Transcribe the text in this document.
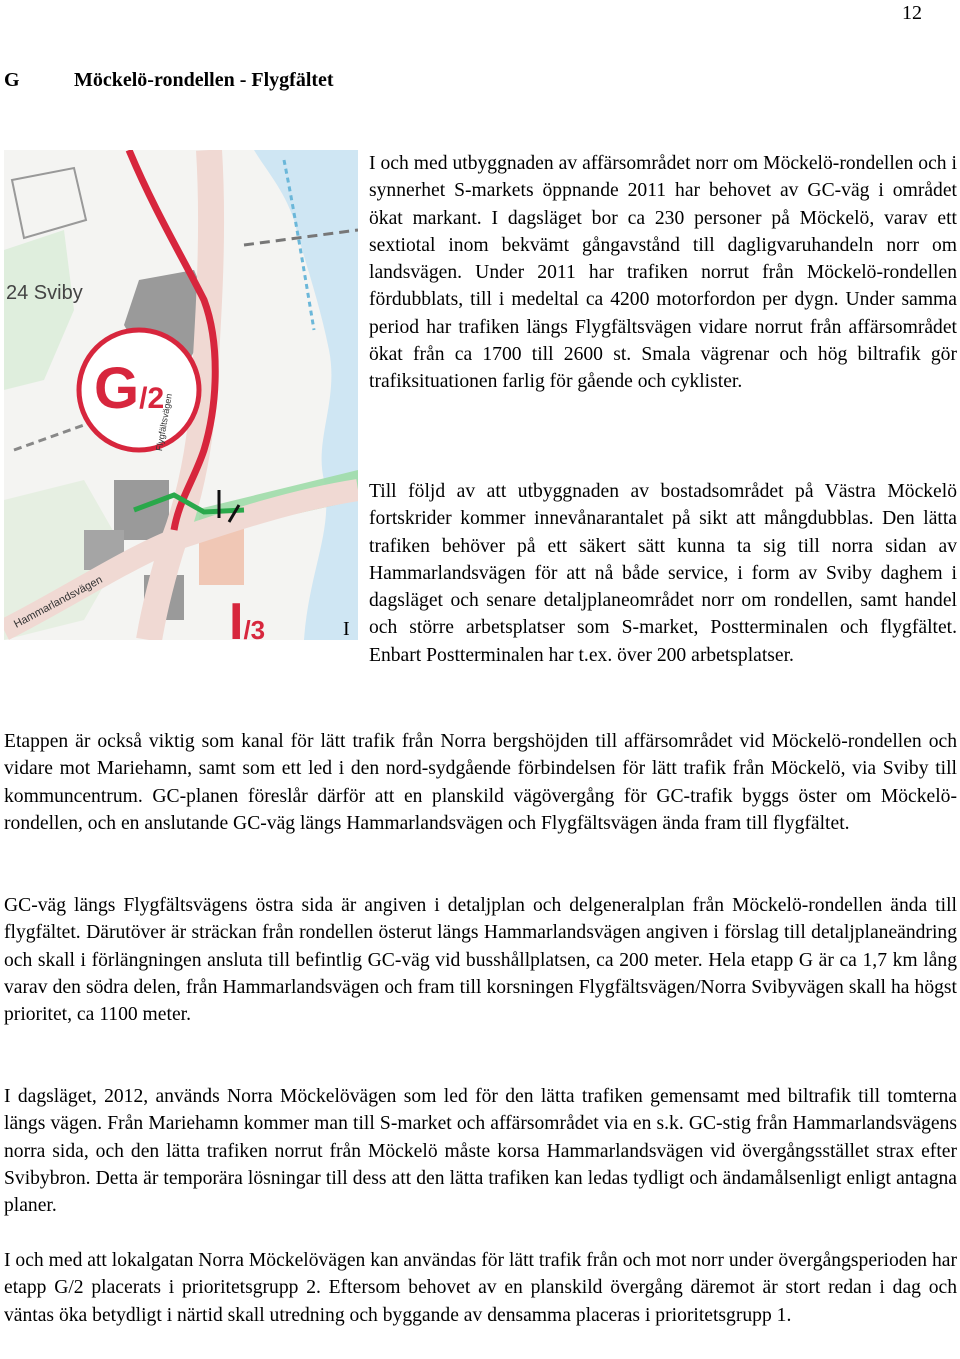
12
G	Möckelö-rondellen - Flygfältet
24 Sviby
G/2
Flygfältsvägen
Hammarlandsvägen I/3	I

I och med utbyggnaden av affärsområdet norr om Möckelö-rondellen och i synnerhet S-markets öppnande 2011 har behovet av GC-väg i området ökat markant. I dagsläget bor ca 230 personer på Möckelö, varav ett sextiotal inom bekvämt gångavstånd till dagligvaruhandeln norr om landsvägen. Under 2011 har trafiken norrut från Möckelö-rondellen fördubblats, till i medeltal ca 4200 motorfordon per dygn. Under samma period har trafiken längs Flygfältsvägen vidare norrut från affärsområdet ökat från ca 1700 till 2600 st. Smala vägrenar och hög biltrafik gör trafiksituationen farlig för gående och cyklister.

Till följd av att utbyggnaden av bostadsområdet på Västra Möckelö fortskrider kommer innevånarantalet på sikt att mångdubblas. Den lätta trafiken behöver på ett säkert sätt kunna ta sig till norra sidan av Hammarlandsvägen för att nå både service, i form av Sviby daghem i dagsläget och senare detaljplaneområdet norr om rondellen, samt handel och större arbetsplatser som S-market, Postterminalen och flygfältet. Enbart Postterminalen har t.ex. över 200 arbetsplatser.

Etappen är också viktig som kanal för lätt trafik från Norra bergshöjden till affärsområdet vid Möckelö-rondellen och vidare mot Mariehamn, samt som ett led i den nord-sydgående förbindelsen för lätt trafik från Möckelö, via Sviby till kommuncentrum. GC-planen föreslår därför att en planskild vägövergång för GC-trafik byggs öster om Möckelö-rondellen, och en anslutande GC-väg längs Hammarlandsvägen och Flygfältsvägen ända fram till flygfältet.

GC-väg längs Flygfältsvägens östra sida är angiven i detaljplan och delgeneralplan från Möckelö-rondellen ända till flygfältet. Därutöver är sträckan från rondellen österut längs Hammarlandsvägen angiven i förslag till detaljplaneändring och skall i förlängningen ansluta till befintlig GC-väg vid busshållplatsen, ca 200 meter. Hela etapp G är ca 1,7 km lång varav den södra delen, från Hammarlandsvägen och fram till korsningen Flygfältsvägen/Norra Svibyvägen skall ha högst prioritet, ca 1100 meter.

I dagsläget, 2012, används Norra Möckelövägen som led för den lätta trafiken gemensamt med biltrafik till tomterna längs vägen. Från Mariehamn kommer man till S-market och affärsområdet via en s.k. GC-stig från Hammarlandsvägens norra sida, och den lätta trafiken norrut från Möckelö måste korsa Hammarlandsvägen vid övergångsstället strax efter Svibybron. Detta är temporära lösningar till dess att den lätta trafiken kan ledas tydligt och ändamålsenligt enligt antagna planer.

I och med att lokalgatan Norra Möckelövägen kan användas för lätt trafik från och mot norr under övergångsperioden har etapp G/2 placerats i prioritetsgrupp 2. Eftersom behovet av en planskild övergång däremot är stort redan i dag och väntas öka betydligt i närtid skall utredning och byggande av densamma placeras i prioritetsgrupp 1.
